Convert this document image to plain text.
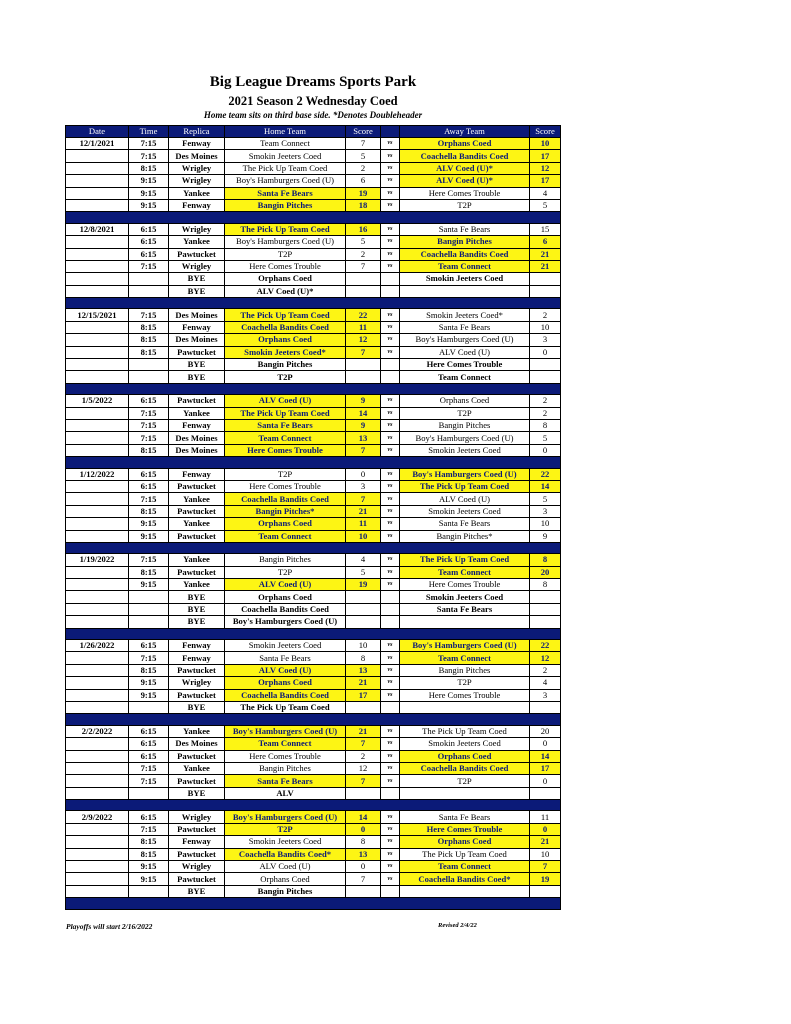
Big League Dreams Sports Park
2021 Season 2 Wednesday Coed
Home team sits on third base side. *Denotes Doubleheader
Date	Time	Replica	Home Team	Score		Away Team	Score
12/1/2021	7:15	Fenway	Team Connect	7	vs	Orphans Coed	10
	7:15	Des Moines	Smokin Jeeters Coed	5	vs	Coachella Bandits Coed	17
	8:15	Wrigley	The Pick Up Team Coed	2	vs	ALV Coed (U)*	12
	9:15	Wrigley	Boy's Hamburgers Coed (U)	6	vs	ALV Coed (U)*	17
	9:15	Yankee	Santa Fe Bears	19	vs	Here Comes Trouble	4
	9:15	Fenway	Bangin Pitches	18	vs	T2P	5

12/8/2021	6:15	Wrigley	The Pick Up Team Coed	16	vs	Santa Fe Bears	15
	6:15	Yankee	Boy's Hamburgers Coed (U)	5	vs	Bangin Pitches	6
	6:15	Pawtucket	T2P	2	vs	Coachella Bandits Coed	21
	7:15	Wrigley	Here Comes Trouble	7	vs	Team Connect	21
		BYE	Orphans Coed			Smokin Jeeters Coed	
		BYE	ALV Coed (U)*				

12/15/2021	7:15	Des Moines	The Pick Up Team Coed	22	vs	Smokin Jeeters Coed*	2
	8:15	Fenway	Coachella Bandits Coed	11	vs	Santa Fe Bears	10
	8:15	Des Moines	Orphans Coed	12	vs	Boy's Hamburgers Coed (U)	3
	8:15	Pawtucket	Smokin Jeeters Coed*	7	vs	ALV Coed (U)	0
		BYE	Bangin Pitches			Here Comes Trouble	
		BYE	T2P			Team Connect	

1/5/2022	6:15	Pawtucket	ALV Coed (U)	9	vs	Orphans Coed	2
	7:15	Yankee	The Pick Up Team Coed	14	vs	T2P	2
	7:15	Fenway	Santa Fe Bears	9	vs	Bangin Pitches	8
	7:15	Des Moines	Team Connect	13	vs	Boy's Hamburgers Coed (U)	5
	8:15	Des Moines	Here Comes Trouble	7	vs	Smokin Jeeters Coed	0

1/12/2022	6:15	Fenway	T2P	0	vs	Boy's Hamburgers Coed (U)	22
	6:15	Pawtucket	Here Comes Trouble	3	vs	The Pick Up Team Coed	14
	7:15	Yankee	Coachella Bandits Coed	7	vs	ALV Coed (U)	5
	8:15	Pawtucket	Bangin Pitches*	21	vs	Smokin Jeeters Coed	3
	9:15	Yankee	Orphans Coed	11	vs	Santa Fe Bears	10
	9:15	Pawtucket	Team Connect	10	vs	Bangin Pitches*	9

1/19/2022	7:15	Yankee	Bangin Pitches	4	vs	The Pick Up Team Coed	8
	8:15	Pawtucket	T2P	5	vs	Team Connect	20
	9:15	Yankee	ALV Coed (U)	19	vs	Here Comes Trouble	8
		BYE	Orphans Coed			Smokin Jeeters Coed	
		BYE	Coachella Bandits Coed			Santa Fe Bears	
		BYE	Boy's Hamburgers Coed (U)				

1/26/2022	6:15	Fenway	Smokin Jeeters Coed	10	vs	Boy's Hamburgers Coed (U)	22
	7:15	Fenway	Santa Fe Bears	8	vs	Team Connect	12
	8:15	Pawtucket	ALV Coed (U)	13	vs	Bangin Pitches	2
	9:15	Wrigley	Orphans Coed	21	vs	T2P	4
	9:15	Pawtucket	Coachella Bandits Coed	17	vs	Here Comes Trouble	3
		BYE	The Pick Up Team Coed				

2/2/2022	6:15	Yankee	Boy's Hamburgers Coed (U)	21	vs	The Pick Up Team Coed	20
	6:15	Des Moines	Team Connect	7	vs	Smokin Jeeters Coed	0
	6:15	Pawtucket	Here Comes Trouble	2	vs	Orphans Coed	14
	7:15	Yankee	Bangin Pitches	12	vs	Coachella Bandits Coed	17
	7:15	Pawtucket	Santa Fe Bears	7	vs	T2P	0
		BYE	ALV				

2/9/2022	6:15	Wrigley	Boy's Hamburgers Coed (U)	14	vs	Santa Fe Bears	11
	7:15	Pawtucket	T2P	0	vs	Here Comes Trouble	0
	8:15	Fenway	Smokin Jeeters Coed	8	vs	Orphans Coed	21
	8:15	Pawtucket	Coachella Bandits Coed*	13	vs	The Pick Up Team Coed	10
	9:15	Wrigley	ALV Coed (U)	0	vs	Team Connect	7
	9:15	Pawtucket	Orphans Coed	7	vs	Coachella Bandits Coed*	19
		BYE	Bangin Pitches				

Playoffs will start 2/16/2022	Revised 2/4/22
